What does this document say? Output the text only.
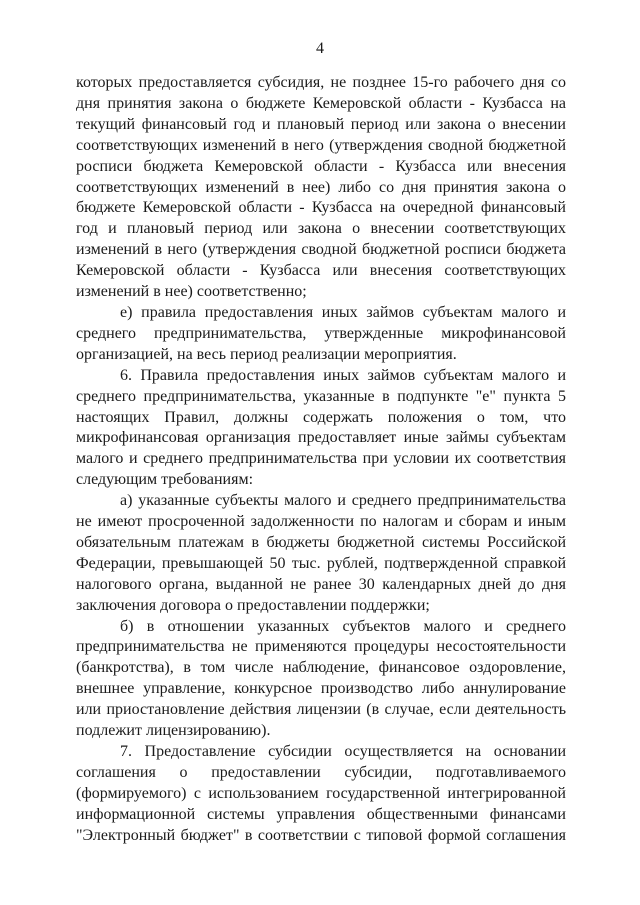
4

которых предоставляется субсидия, не позднее 15-го рабочего дня со дня принятия закона о бюджете Кемеровской области - Кузбасса на текущий финансовый год и плановый период или закона о внесении соответствующих изменений в него (утверждения сводной бюджетной росписи бюджета Кемеровской области - Кузбасса или внесения соответствующих изменений в нее) либо со дня принятия закона о бюджете Кемеровской области - Кузбасса на очередной финансовый год и плановый период или закона о внесении соответствующих изменений в него (утверждения сводной бюджетной росписи бюджета Кемеровской области - Кузбасса или внесения соответствующих изменений в нее) соответственно;

е) правила предоставления иных займов субъектам малого и среднего предпринимательства, утвержденные микрофинансовой организацией, на весь период реализации мероприятия.

6. Правила предоставления иных займов субъектам малого и среднего предпринимательства, указанные в подпункте "е" пункта 5 настоящих Правил, должны содержать положения о том, что микрофинансовая организация предоставляет иные займы субъектам малого и среднего предпринимательства при условии их соответствия следующим требованиям:

а) указанные субъекты малого и среднего предпринимательства не имеют просроченной задолженности по налогам и сборам и иным обязательным платежам в бюджеты бюджетной системы Российской Федерации, превышающей 50 тыс. рублей, подтвержденной справкой налогового органа, выданной не ранее 30 календарных дней до дня заключения договора о предоставлении поддержки;

б) в отношении указанных субъектов малого и среднего предпринимательства не применяются процедуры несостоятельности (банкротства), в том числе наблюдение, финансовое оздоровление, внешнее управление, конкурсное производство либо аннулирование или приостановление действия лицензии (в случае, если деятельность подлежит лицензированию).

7. Предоставление субсидии осуществляется на основании соглашения о предоставлении субсидии, подготавливаемого (формируемого) с использованием государственной интегрированной информационной системы управления общественными финансами "Электронный бюджет" в соответствии с типовой формой соглашения
